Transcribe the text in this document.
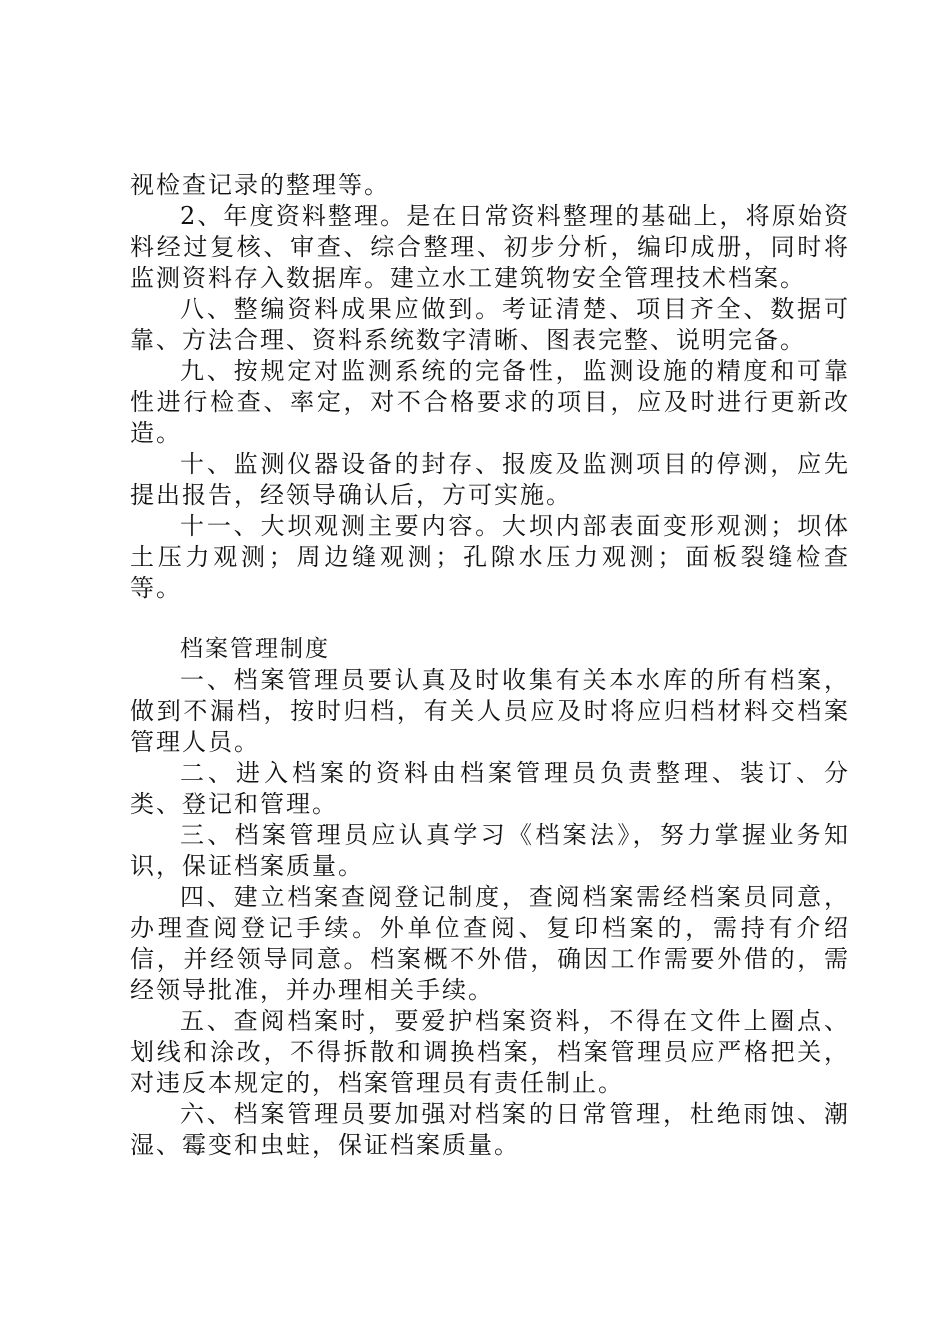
视检查记录的整理等。

2、年度资料整理。是在日常资料整理的基础上，将原始资料经过复核、审查、综合整理、初步分析，编印成册，同时将监测资料存入数据库。建立水工建筑物安全管理技术档案。

八、整编资料成果应做到。考证清楚、项目齐全、数据可靠、方法合理、资料系统数字清晰、图表完整、说明完备。

九、按规定对监测系统的完备性，监测设施的精度和可靠性进行检查、率定，对不合格要求的项目，应及时进行更新改造。

十、监测仪器设备的封存、报废及监测项目的停测，应先提出报告，经领导确认后，方可实施。

十一、大坝观测主要内容。大坝内部表面变形观测；坝体土压力观测；周边缝观测；孔隙水压力观测；面板裂缝检查等。

档案管理制度

一、档案管理员要认真及时收集有关本水库的所有档案，做到不漏档，按时归档，有关人员应及时将应归档材料交档案管理人员。

二、进入档案的资料由档案管理员负责整理、装订、分类、登记和管理。

三、档案管理员应认真学习《档案法》，努力掌握业务知识，保证档案质量。

四、建立档案查阅登记制度，查阅档案需经档案员同意，办理查阅登记手续。外单位查阅、复印档案的，需持有介绍信，并经领导同意。档案概不外借，确因工作需要外借的，需经领导批准，并办理相关手续。

五、查阅档案时，要爱护档案资料，不得在文件上圈点、划线和涂改，不得拆散和调换档案，档案管理员应严格把关，对违反本规定的，档案管理员有责任制止。

六、档案管理员要加强对档案的日常管理，杜绝雨蚀、潮湿、霉变和虫蛀，保证档案质量。
